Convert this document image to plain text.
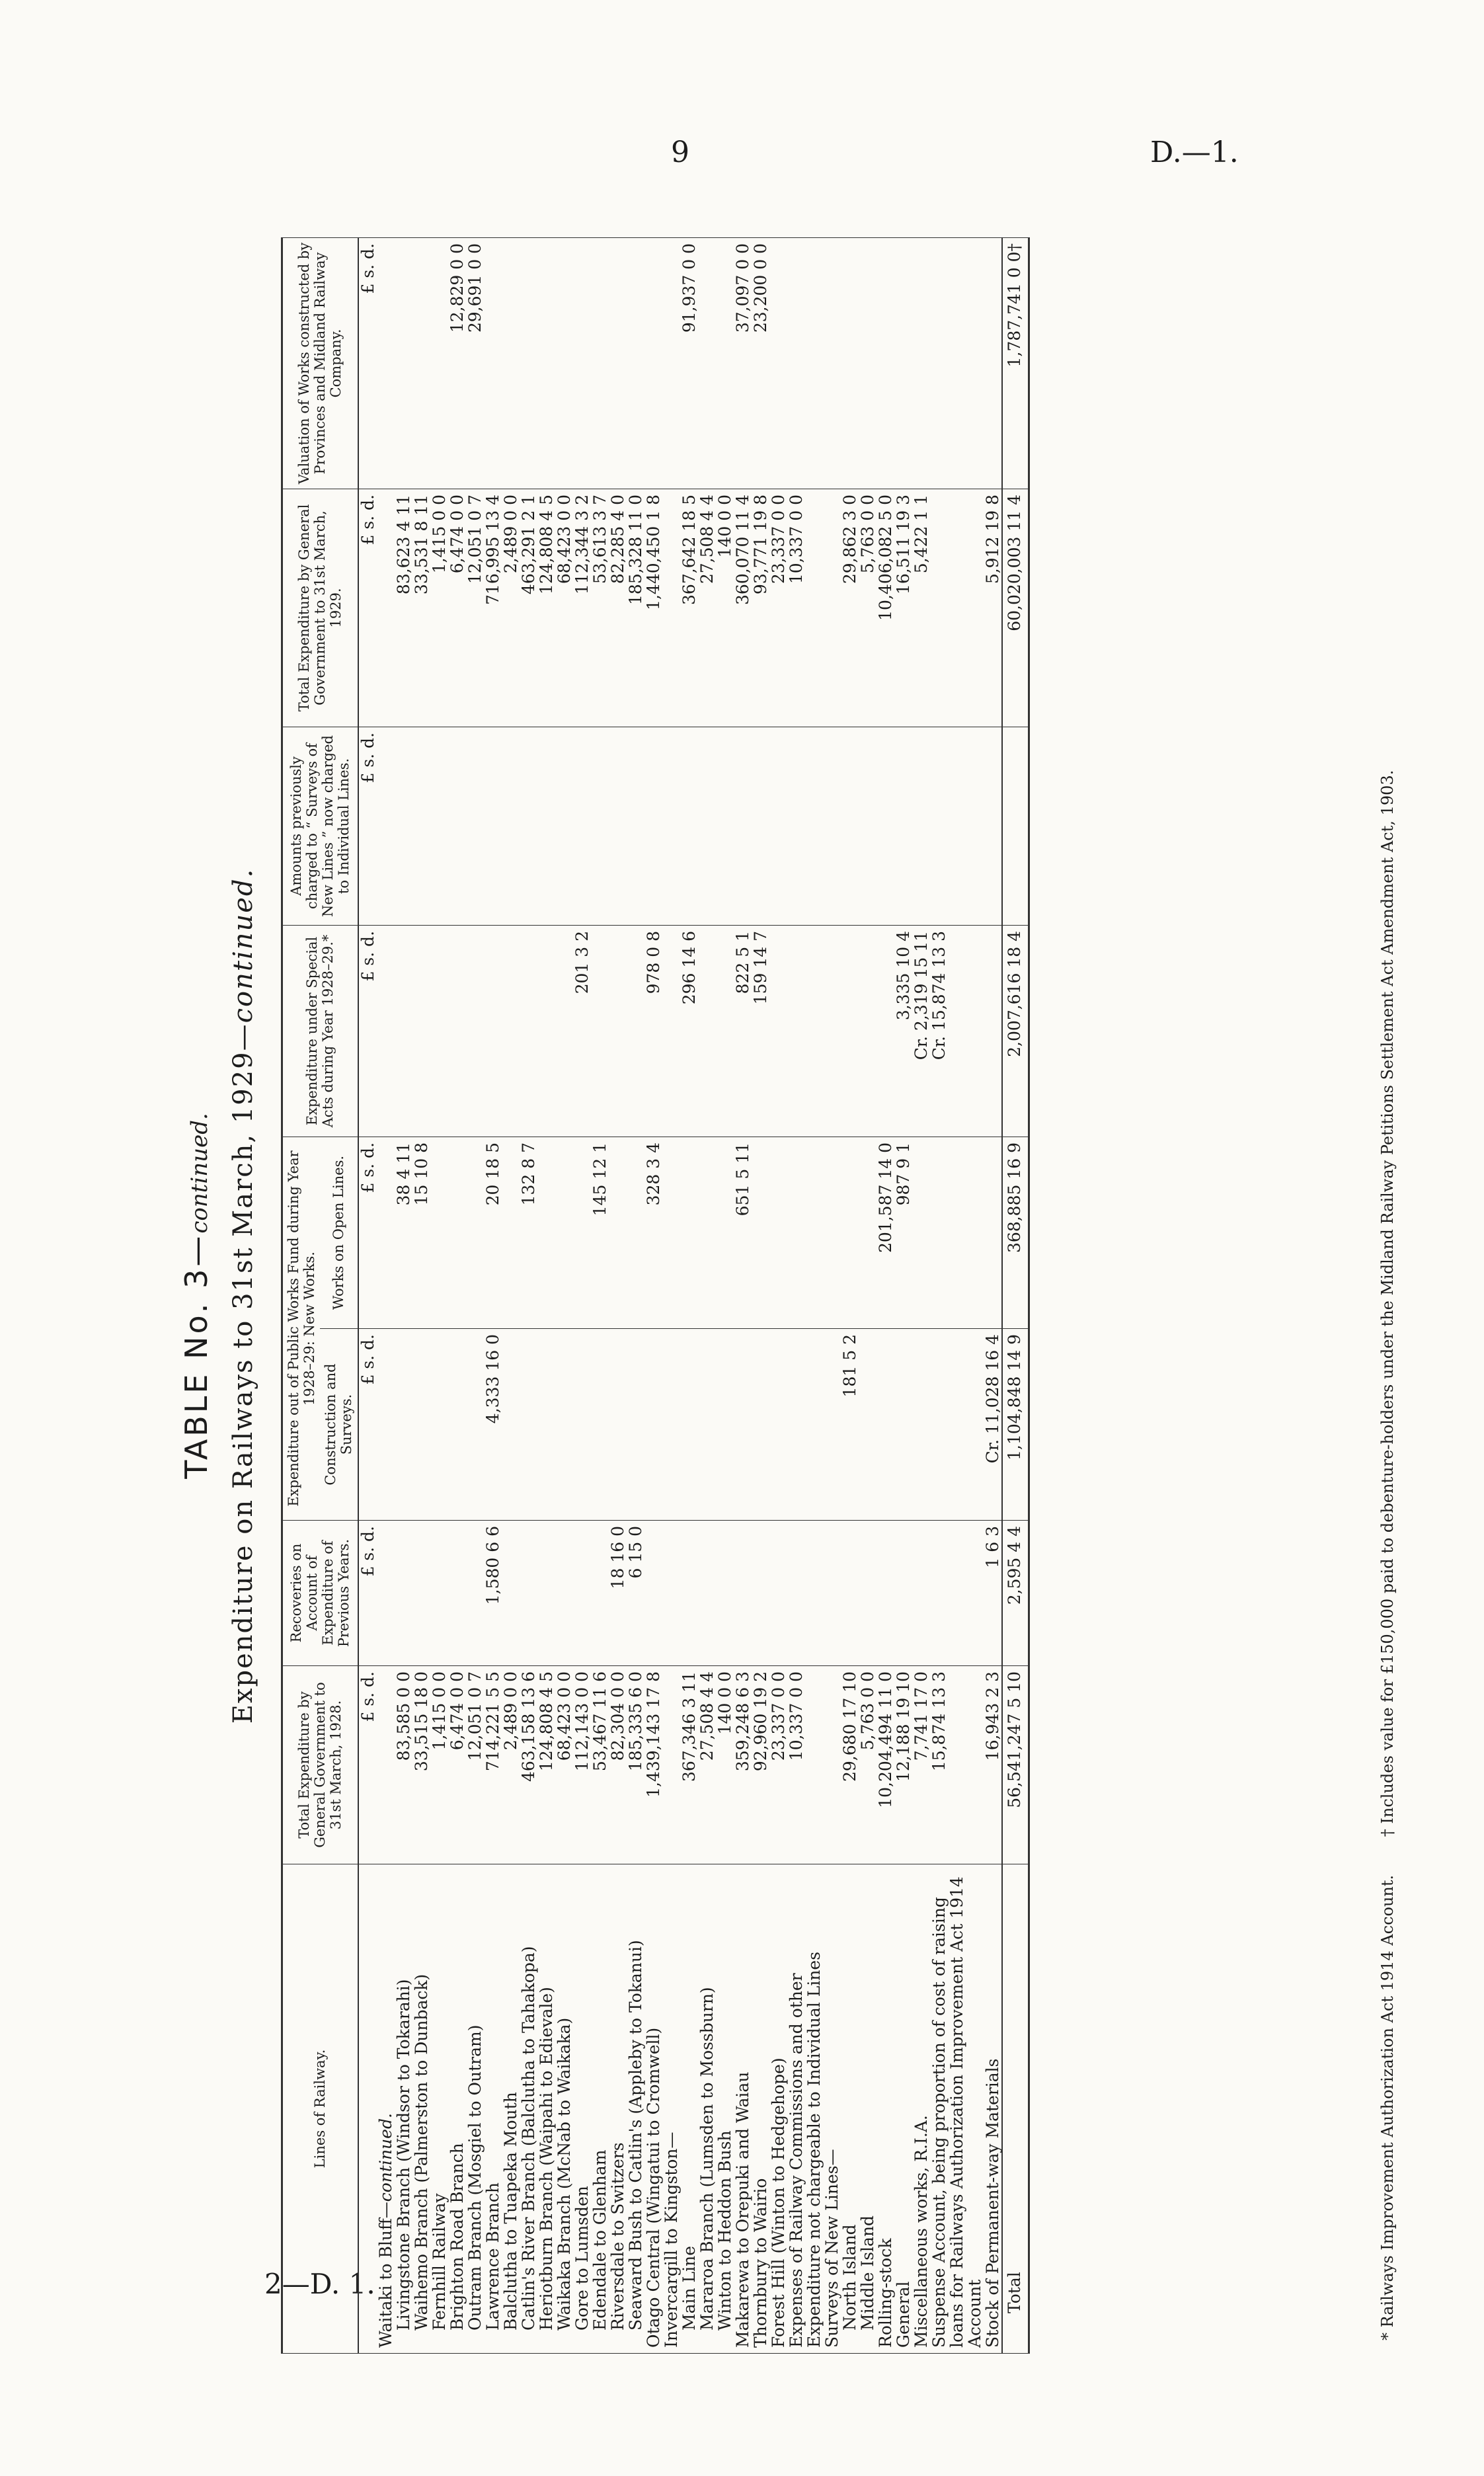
9	D.—1.
2—D. 1.
TABLE No. 3—continued. Expenditure on Railways to 31st March, 1929—continued.
Lines of Railway.	Total Expenditure by General Government to 31st March, 1928.	Recoveries on Account of Expenditure of Previous Years.	Expenditure out of Public Works Fund during Year 1928–29: New Works.		Expenditure under Special Acts during Year 1928–29.*	Amounts previously charged to “ Surveys of New Lines ” now charged to Individual Lines.	Total Expenditure by General Government to 31st March, 1929.	Valuation of Works constructed by Provinces and Midland Railway Company.
			Construction and Surveys.	Works on Open Lines.				
	£ s. d.	£ s. d.	£ s. d.	£ s. d.	£ s. d.	£ s. d.	£ s. d.	£ s. d.
Waitaki to Bluff—continued.								
Livingstone Branch (Windsor to Tokarahi)	83,585 0 0			38 4 11			83,623 4 11	
Waihemo Branch (Palmerston to Dunback)	33,515 18 0			15 10 8			33,531 8 11	
Fernhill Railway	1,415 0 0						1,415 0 0	
Brighton Road Branch	6,474 0 0						6,474 0 0	12,829 0 0
Outram Branch (Mosgiel to Outram)	12,051 0 7						12,051 0 7	29,691 0 0
Lawrence Branch	714,221 5 5	1,580 6 6	4,333 16 0	20 18 5			716,995 13 4	
Balclutha to Tuapeka Mouth	2,489 0 0						2,489 0 0	
Catlin's River Branch (Balclutha to Tahakopa)	463,158 13 6			132 8 7			463,291 2 1	
Heriotburn Branch (Waipahi to Edievale)	124,808 4 5						124,808 4 5	
Waikaka Branch (McNab to Waikaka)	68,423 0 0						68,423 0 0	
Gore to Lumsden	112,143 0 0				201 3 2		112,344 3 2	
Edendale to Glenham	53,467 11 6			145 12 1			53,613 3 7	
Riversdale to Switzers	82,304 0 0	18 16 0					82,285 4 0	
Seaward Bush to Catlin's (Appleby to Tokanui)	185,335 6 0	6 15 0					185,328 11 0	
Otago Central (Wingatui to Cromwell)	1,439,143 17 8			328 3 4	978 0 8		1,440,450 1 8	
Invercargill to Kingston—								
Main Line	367,346 3 11				296 14 6		367,642 18 5	91,937 0 0
Mararoa Branch (Lumsden to Mossburn)	27,508 4 4						27,508 4 4	
Winton to Heddon Bush	140 0 0						140 0 0	
Makarewa to Orepuki and Waiau	359,248 6 3			651 5 11	822 5 1		360,070 11 4	37,097 0 0
Thornbury to Wairio	92,960 19 2				159 14 7		93,771 19 8	23,200 0 0
Forest Hill (Winton to Hedgehope)	23,337 0 0						23,337 0 0	
Expenses of Railway Commissions and other Expenditure not chargeable to Individual Lines	10,337 0 0						10,337 0 0	
Surveys of New Lines—								
North Island	29,680 17 10		181 5 2				29,862 3 0	
Middle Island	5,763 0 0						5,763 0 0	
Rolling-stock	10,204,494 11 0			201,587 14 0			10,406,082 5 0	
General	12,188 19 10			987 9 1	3,335 10 4		16,511 19 3	
Miscellaneous works, R.I.A.	7,741 17 0				Cr. 2,319 15 11		5,422 1 1	
Suspense Account, being proportion of cost of raising loans for Railways Authorization Improvement Act 1914 Account	15,874 13 3				Cr. 15,874 13 3			
Stock of Permanent-way Materials	16,943 2 3	1 6 3	Cr. 11,028 16 4				5,912 19 8	
Total	56,541,247 5 10	2,595 4 4	1,104,848 14 9	368,885 16 9	2,007,616 18 4		60,020,003 11 4	1,787,741 0 0†
* Railways Improvement Authorization Act 1914 Account. † Includes value for £150,000 paid to debenture-holders under the Midland Railway Petitions Settlement Act Amendment Act, 1903.
